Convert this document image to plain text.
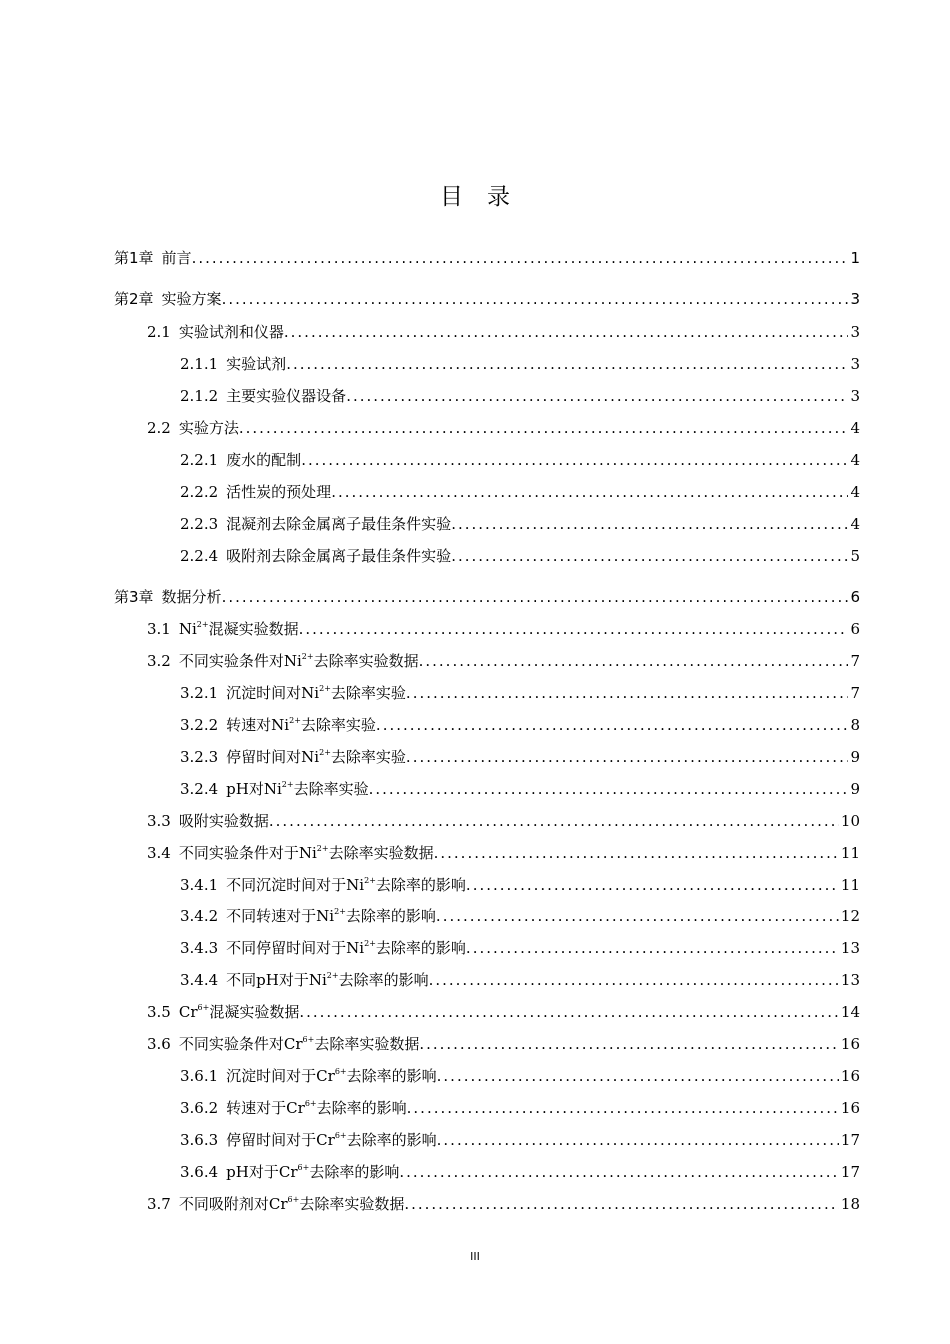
目录
第1章 前言 .....	1
第2章 实验方案 .....	3
2.1 实验试剂和仪器 .....	3
2.1.1 实验试剂 .....	3
2.1.2 主要实验仪器设备 .....	3
2.2 实验方法 .....	4
2.2.1 废水的配制 .....	4
2.2.2 活性炭的预处理 .....	4
2.2.3 混凝剂去除金属离子最佳条件实验 .....	4
2.2.4 吸附剂去除金属离子最佳条件实验 .....	5
第3章 数据分析 .....	6
3.1 $Ni^{2+}$混凝实验数据 .....	6
3.2 不同实验条件对$Ni^{2+}$去除率实验数据 .....	7
3.2.1 沉淀时间对$Ni^{2+}$去除率实验 .....	7
3.2.2 转速对$Ni^{2+}$去除率实验 .....	8
3.2.3 停留时间对$Ni^{2+}$去除率实验 .....	9
3.2.4 pH对$Ni^{2+}$去除率实验 .....	9
3.3 吸附实验数据 .....	10
3.4 不同实验条件对于$Ni^{2+}$去除率实验数据 .....	11
3.4.1 不同沉淀时间对于$Ni^{2+}$去除率的影响 .....	11
3.4.2 不同转速对于$Ni^{2+}$去除率的影响 .....	12
3.4.3 不同停留时间对于$Ni^{2+}$去除率的影响 .....	13
3.4.4 不同pH对于$Ni^{2+}$去除率的影响 .....	13
3.5 $Cr^{6+}$混凝实验数据 .....	14
3.6 不同实验条件对$Cr^{6+}$去除率实验数据 .....	16
3.6.1 沉淀时间对于$Cr^{6+}$去除率的影响 .....	16
3.6.2 转速对于$Cr^{6+}$去除率的影响 .....	16
3.6.3 停留时间对于$Cr^{6+}$去除率的影响 .....	17
3.6.4 pH对于$Cr^{6+}$去除率的影响 .....	17
3.7 不同吸附剂对$Cr^{6+}$去除率实验数据 .....	18
III
